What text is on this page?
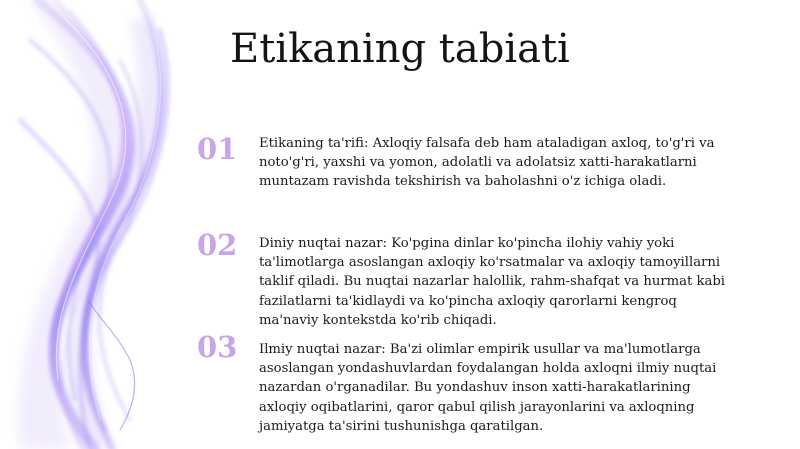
Etikaning tabiati
01	Etikaning ta'rifi: Axloqiy falsafa deb ham ataladigan axloq, to'g'ri va noto'g'ri, yaxshi va yomon, adolatli va adolatsiz xatti-harakatlarni muntazam ravishda tekshirish va baholashni o'z ichiga oladi.

02	Diniy nuqtai nazar: Ko'pgina dinlar ko'pincha ilohiy vahiy yoki ta'limotlarga asoslangan axloqiy ko'rsatmalar va axloqiy tamoyillarni taklif qiladi. Bu nuqtai nazarlar halollik, rahm-shafqat va hurmat kabi fazilatlarni ta'kidlaydi va ko'pincha axloqiy qarorlarni kengroq ma'naviy kontekstda ko'rib chiqadi.

03	Ilmiy nuqtai nazar: Ba'zi olimlar empirik usullar va ma'lumotlarga asoslangan yondashuvlardan foydalangan holda axloqni ilmiy nuqtai nazardan o'rganadilar. Bu yondashuv inson xatti-harakatlarining axloqiy oqibatlarini, qaror qabul qilish jarayonlarini va axloqning jamiyatga ta'sirini tushunishga qaratilgan.
